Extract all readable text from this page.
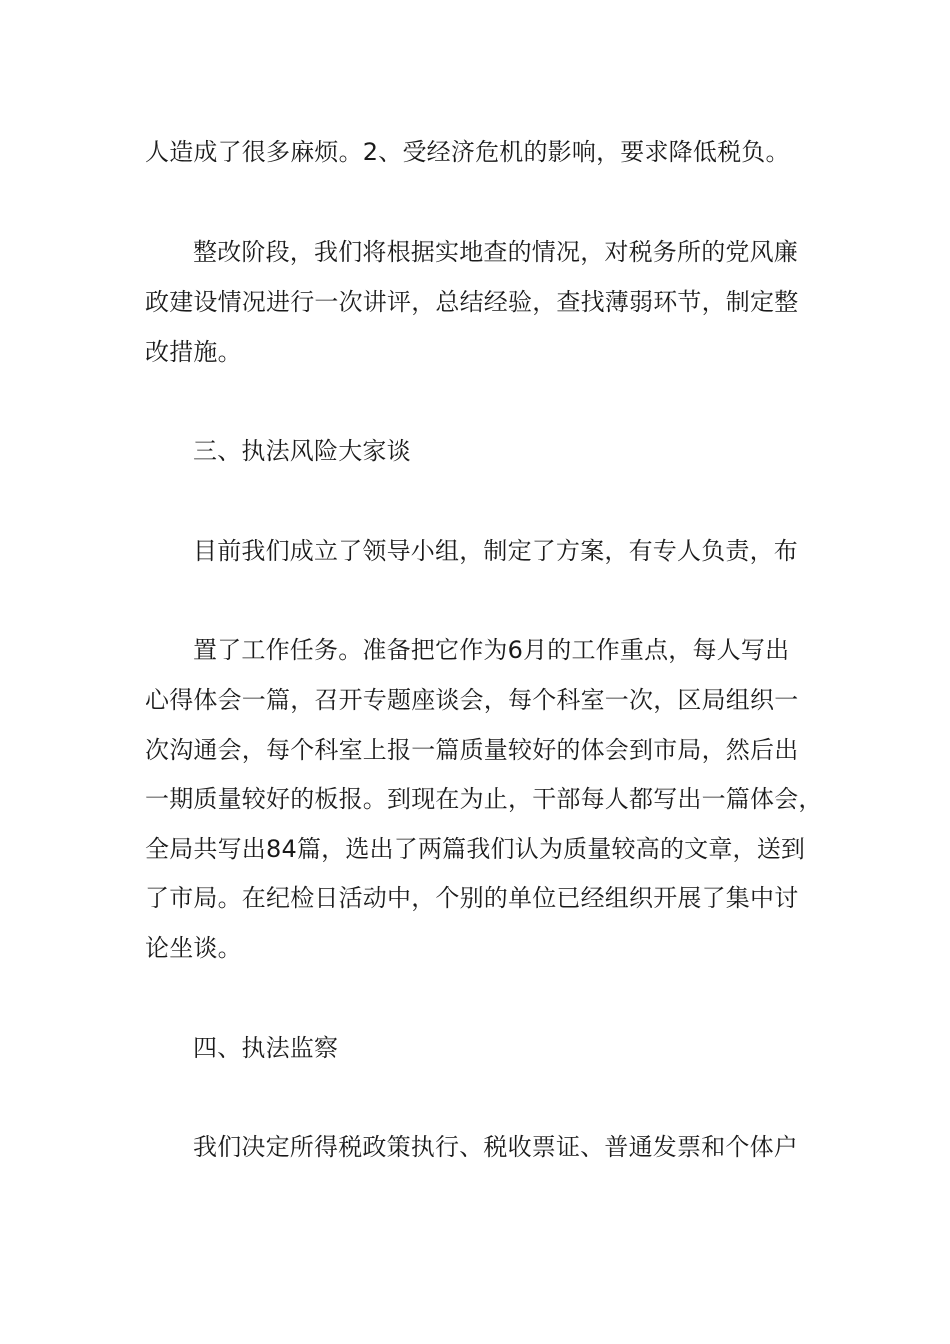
人造成了很多麻烦。2、受经济危机的影响，要求降低税负。
整改阶段，我们将根据实地查的情况，对税务所的党风廉
政建设情况进行一次讲评，总结经验，查找薄弱环节，制定整
改措施。
三、执法风险大家谈
目前我们成立了领导小组，制定了方案，有专人负责，布
置了工作任务。准备把它作为6月的工作重点，每人写出
心得体会一篇，召开专题座谈会，每个科室一次，区局组织一
次沟通会，每个科室上报一篇质量较好的体会到市局，然后出
一期质量较好的板报。到现在为止，干部每人都写出一篇体会，
全局共写出84篇，选出了两篇我们认为质量较高的文章，送到
了市局。在纪检日活动中，个别的单位已经组织开展了集中讨
论坐谈。
四、执法监察
我们决定所得税政策执行、税收票证、普通发票和个体户
